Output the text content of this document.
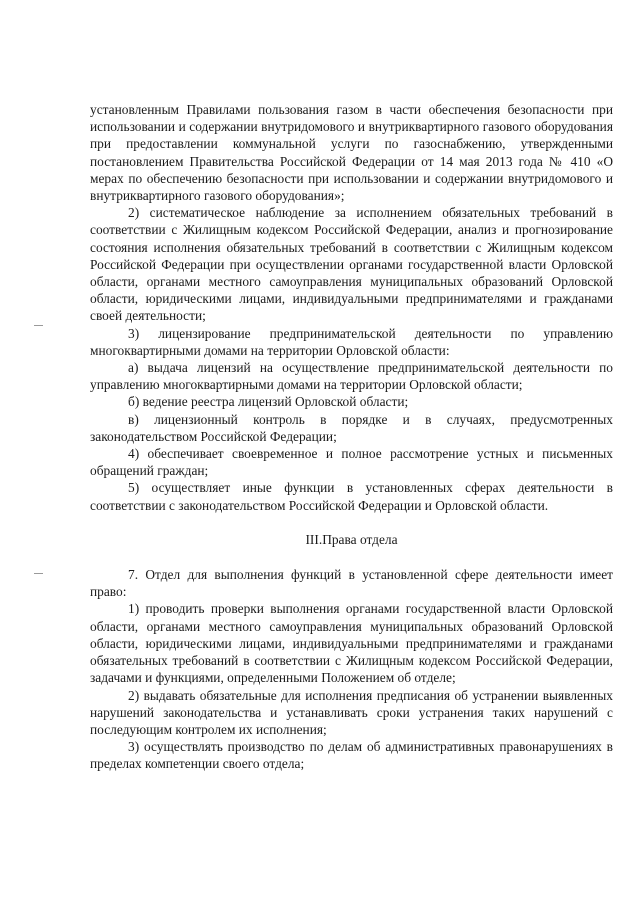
установленным Правилами пользования газом в части обеспечения безопасности при использовании и содержании внутридомового и внутриквартирного газового оборудования при предоставлении коммунальной услуги по газоснабжению, утвержденными постановлением Правительства Российской Федерации от 14 мая 2013 года № 410 «О мерах по обеспечению безопасности при использовании и содержании внутридомового и внутриквартирного газового оборудования»;

2) систематическое наблюдение за исполнением обязательных требований в соответствии с Жилищным кодексом Российской Федерации, анализ и прогнозирование состояния исполнения обязательных требований в соответствии с Жилищным кодексом Российской Федерации при осуществлении органами государственной власти Орловской области, органами местного самоуправления муниципальных образований Орловской области, юридическими лицами, индивидуальными предпринимателями и гражданами своей деятельности;

3) лицензирование предпринимательской деятельности по управлению многоквартирными домами на территории Орловской области:

а) выдача лицензий на осуществление предпринимательской деятельности по управлению многоквартирными домами на территории Орловской области;

б) ведение реестра лицензий Орловской области;

в) лицензионный контроль в порядке и в случаях, предусмотренных законодательством Российской Федерации;

4) обеспечивает своевременное и полное рассмотрение устных и письменных обращений граждан;

5) осуществляет иные функции в установленных сферах деятельности в соответствии с законодательством Российской Федерации и Орловской области.

III.Права отдела

7. Отдел для выполнения функций в установленной сфере деятельности имеет право:

1) проводить проверки выполнения органами государственной власти Орловской области, органами местного самоуправления муниципальных образований Орловской области, юридическими лицами, индивидуальными предпринимателями и гражданами обязательных требований в соответствии с Жилищным кодексом Российской Федерации, задачами и функциями, определенными Положением об отделе;

2) выдавать обязательные для исполнения предписания об устранении выявленных нарушений законодательства и устанавливать сроки устранения таких нарушений с последующим контролем их исполнения;

3) осуществлять производство по делам об административных правонарушениях в пределах компетенции своего отдела;
